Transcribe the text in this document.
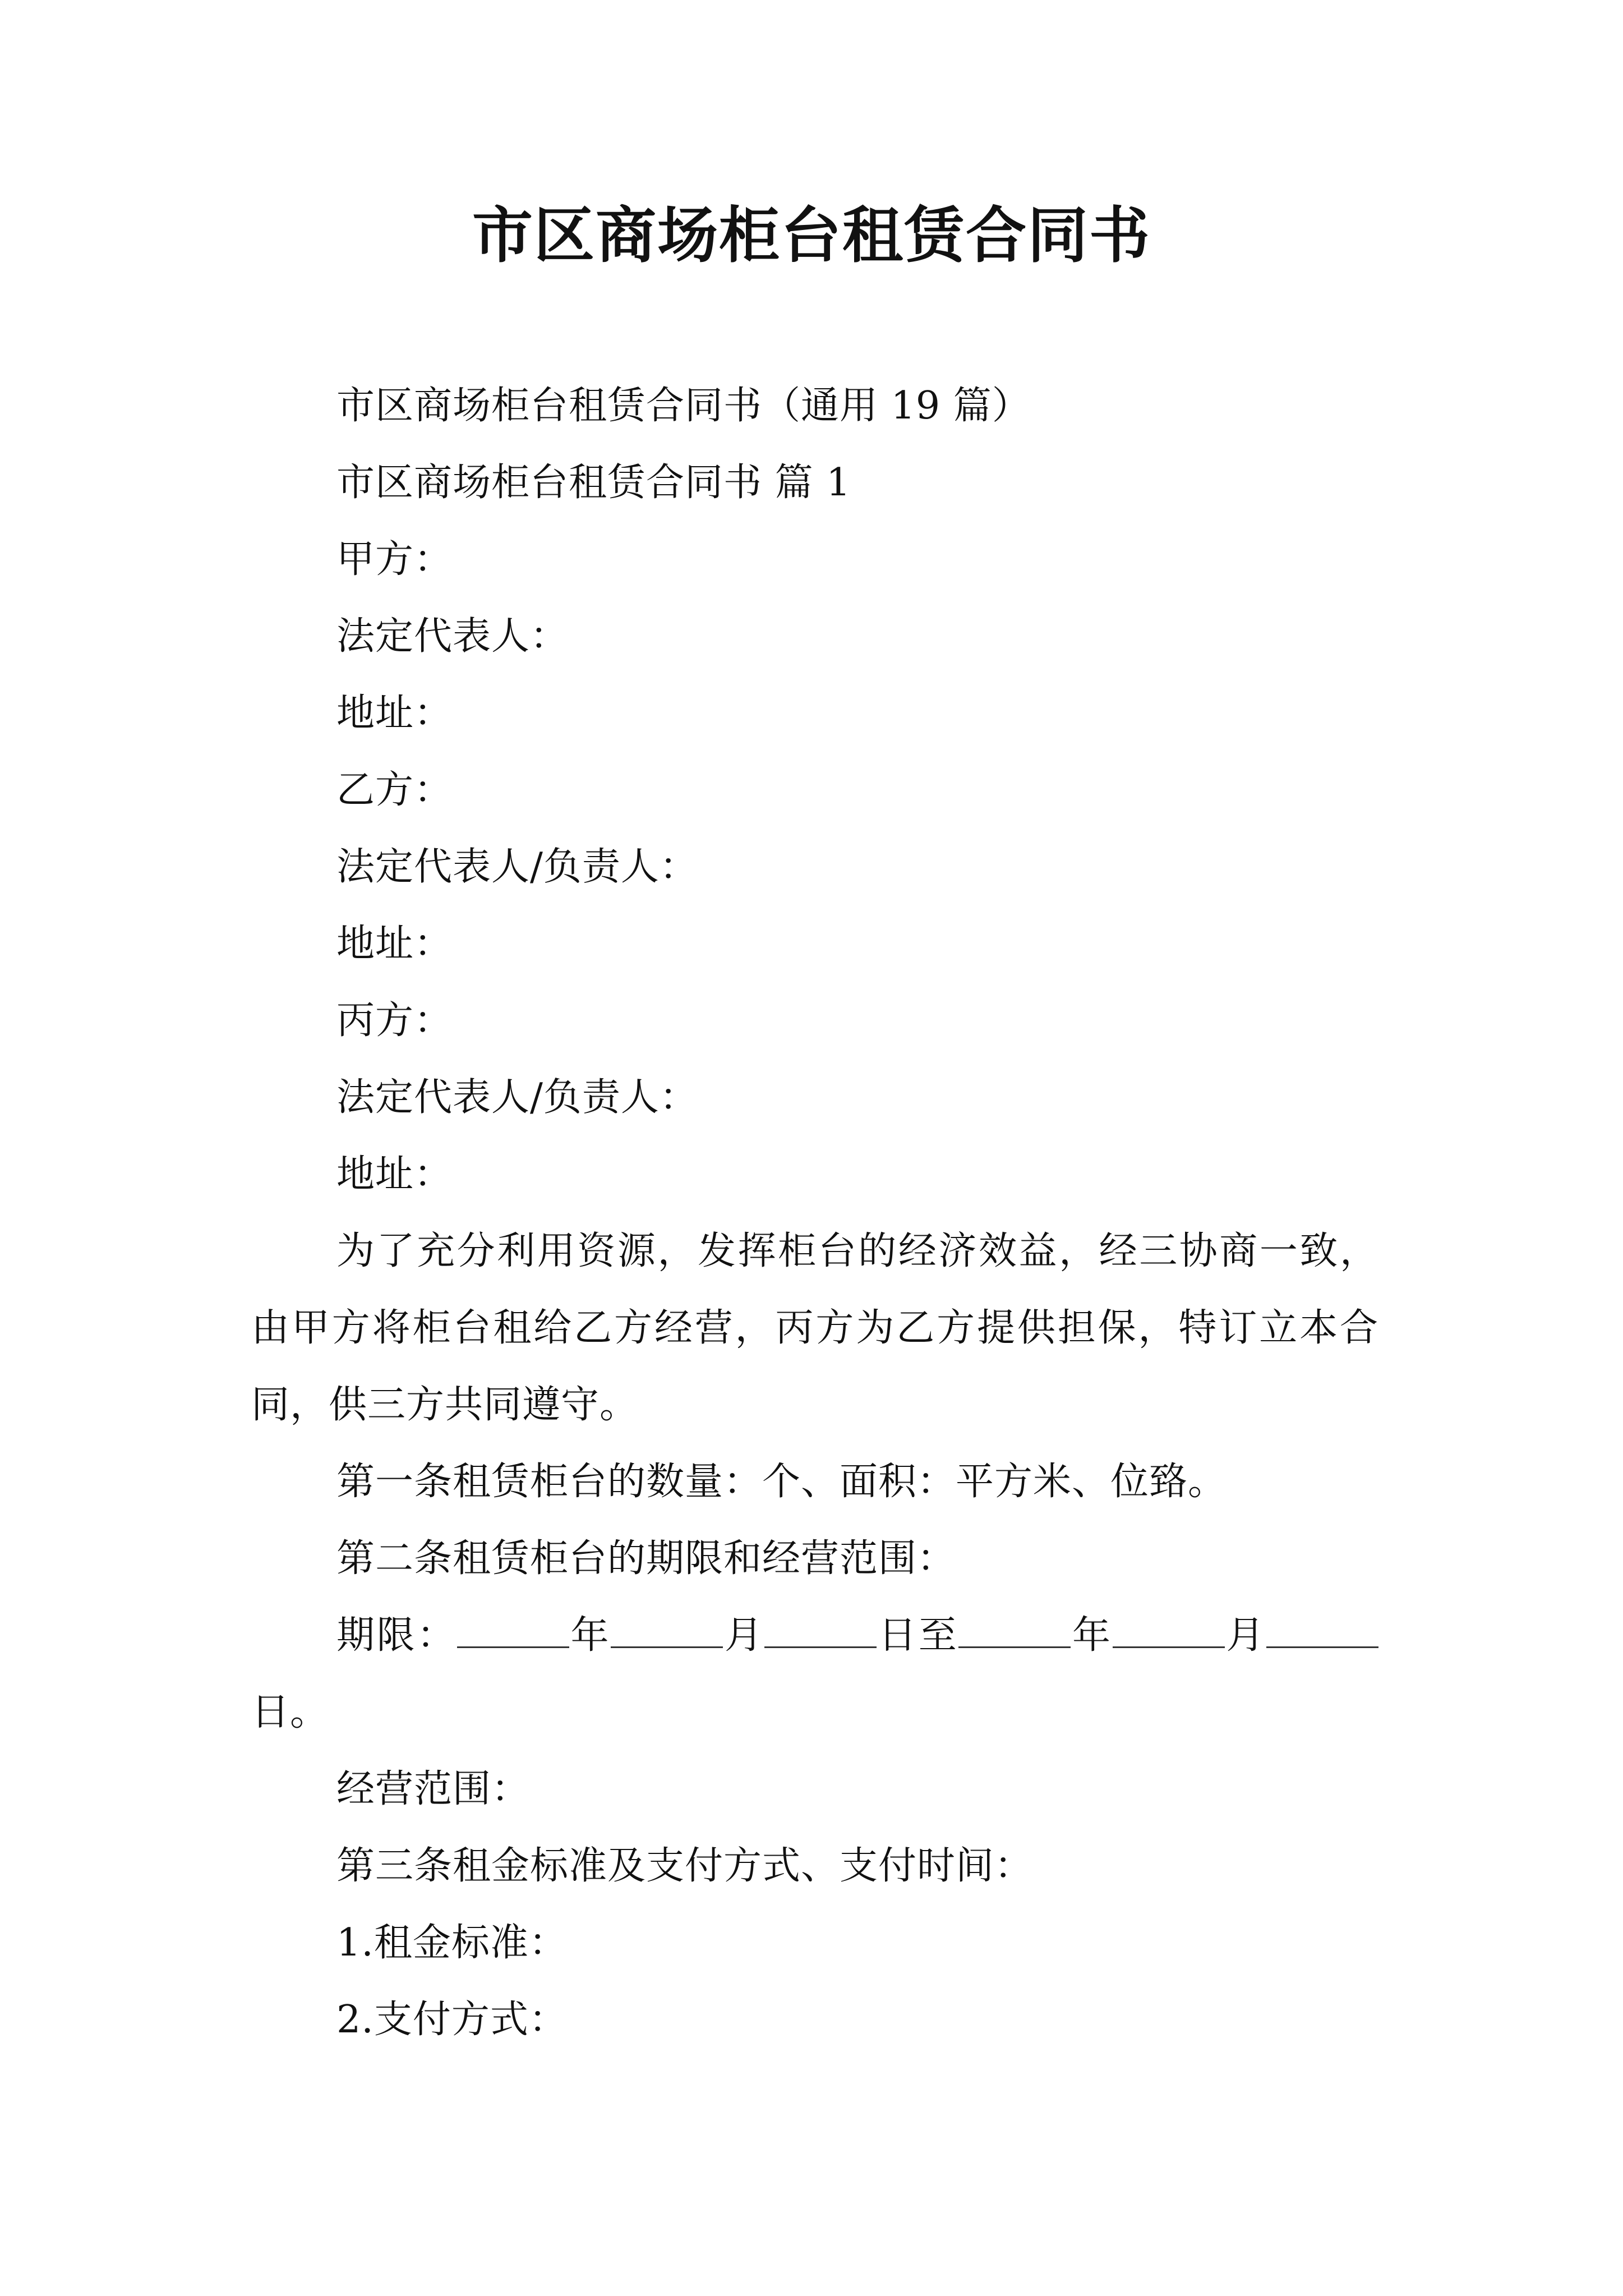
市区商场柜台租赁合同书

市区商场柜台租赁合同书（通用 19 篇）

市区商场柜台租赁合同书 篇 1

甲方：

法定代表人：

地址：

乙方：

法定代表人/负责人：

地址：

丙方：

法定代表人/负责人：

地址：

为了充分利用资源，发挥柜台的经济效益，经三协商一致，由甲方将柜台租给乙方经营，丙方为乙方提供担保，特订立本合同，供三方共同遵守。

第一条租赁柜台的数量：个、面积：平方米、位臵。

第二条租赁柜台的期限和经营范围：

期限：	年	月	日至	年	月日。

经营范围：

第三条租金标准及支付方式、支付时间：

1.租金标准：

2.支付方式：
